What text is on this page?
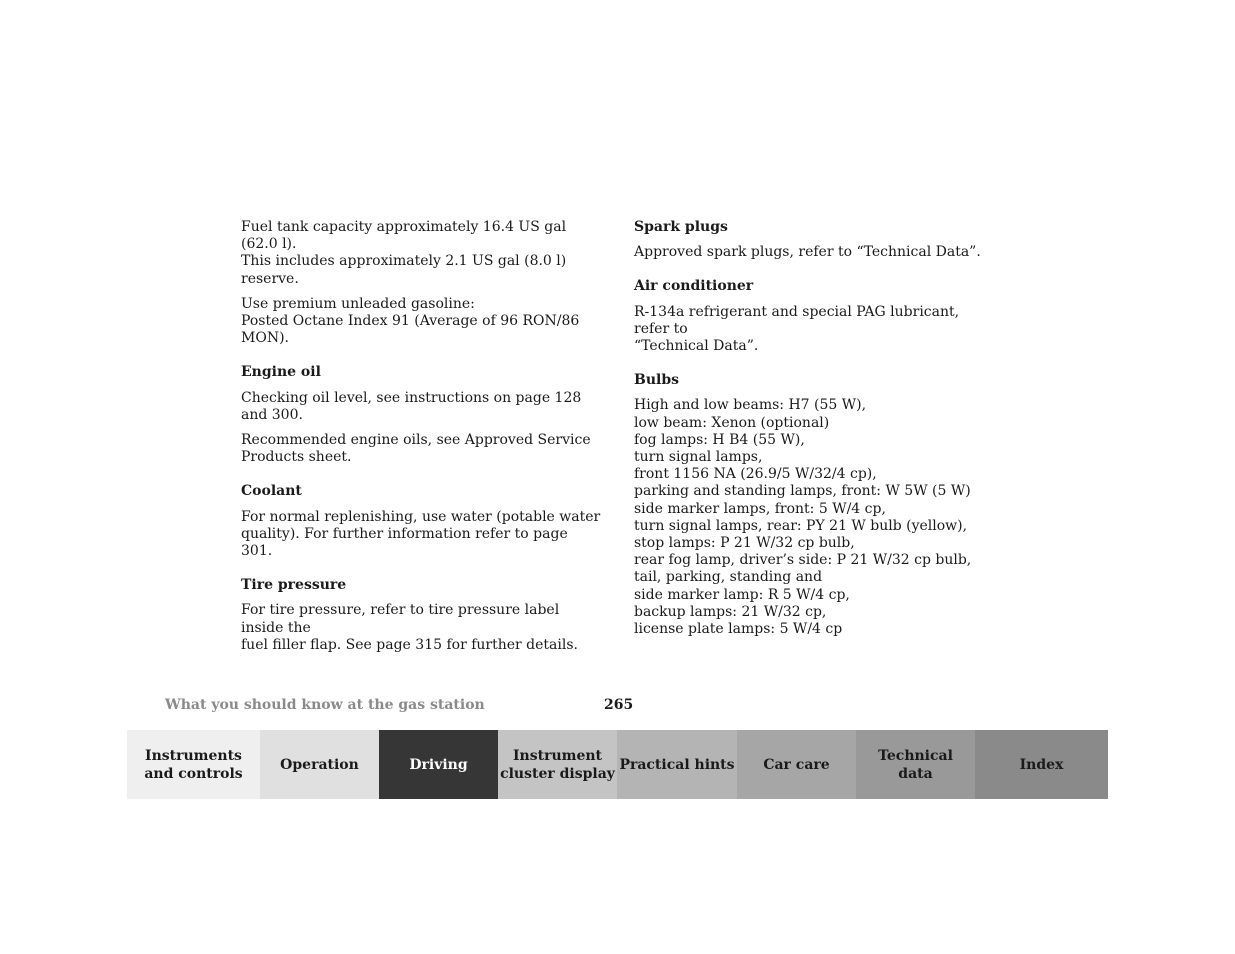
Fuel tank capacity approximately 16.4 US gal (62.0 l).
This includes approximately 2.1 US gal (8.0 l) reserve.
Use premium unleaded gasoline:
Posted Octane Index 91 (Average of 96 RON/86 MON).
Engine oil
Checking oil level, see instructions on page 128
and 300.
Recommended engine oils, see Approved Service
Products sheet.
Coolant
For normal replenishing, use water (potable water
quality). For further information refer to page 301.
Tire pressure
For tire pressure, refer to tire pressure label inside the
fuel filler flap. See page 315 for further details.
Spark plugs
Approved spark plugs, refer to “Technical Data”.
Air conditioner
R-134a refrigerant and special PAG lubricant, refer to
“Technical Data”.
Bulbs
High and low beams: H7 (55 W),
low beam: Xenon (optional)
fog lamps: H B4 (55 W),
turn signal lamps,
front 1156 NA (26.9/5 W/32/4 cp),
parking and standing lamps, front: W 5W (5 W)
side marker lamps, front: 5 W/4 cp,
turn signal lamps, rear: PY 21 W bulb (yellow),
stop lamps: P 21 W/32 cp bulb,
rear fog lamp, driver’s side: P 21 W/32 cp bulb,
tail, parking, standing and
side marker lamp: R 5 W/4 cp,
backup lamps: 21 W/32 cp,
license plate lamps: 5 W/4 cp
What you should know at the gas station	265
Instruments
and controls
Operation	Driving
Instrument
cluster display
Practical hints Car care
Technical
data
Index
